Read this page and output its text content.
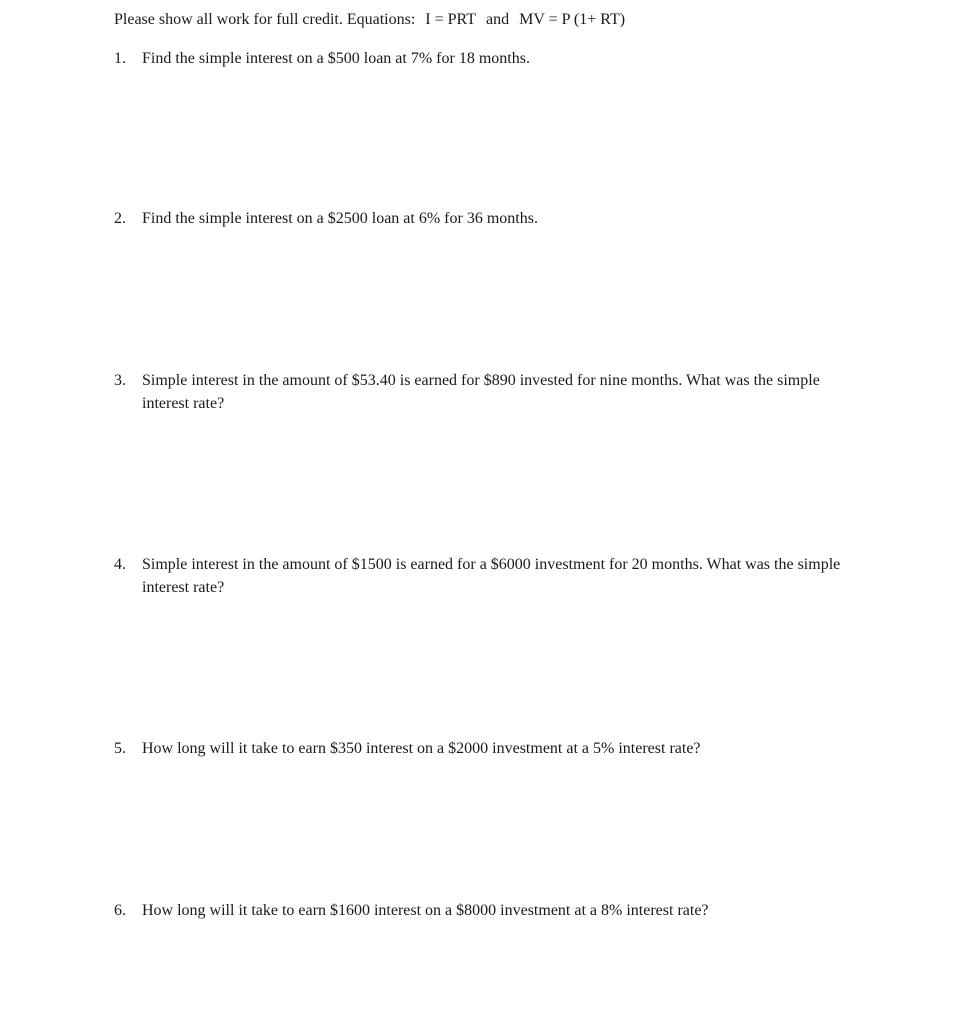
Please show all work for full credit. Equations: I = PRT and MV = P (1+ RT)
1.	Find the simple interest on a $500 loan at 7% for 18 months.
2.	Find the simple interest on a $2500 loan at 6% for 36 months.
3.	Simple interest in the amount of $53.40 is earned for $890 invested for nine months. What was the simple interest rate?
4.	Simple interest in the amount of $1500 is earned for a $6000 investment for 20 months. What was the simple interest rate?
5.	How long will it take to earn $350 interest on a $2000 investment at a 5% interest rate?
6.	How long will it take to earn $1600 interest on a $8000 investment at a 8% interest rate?
